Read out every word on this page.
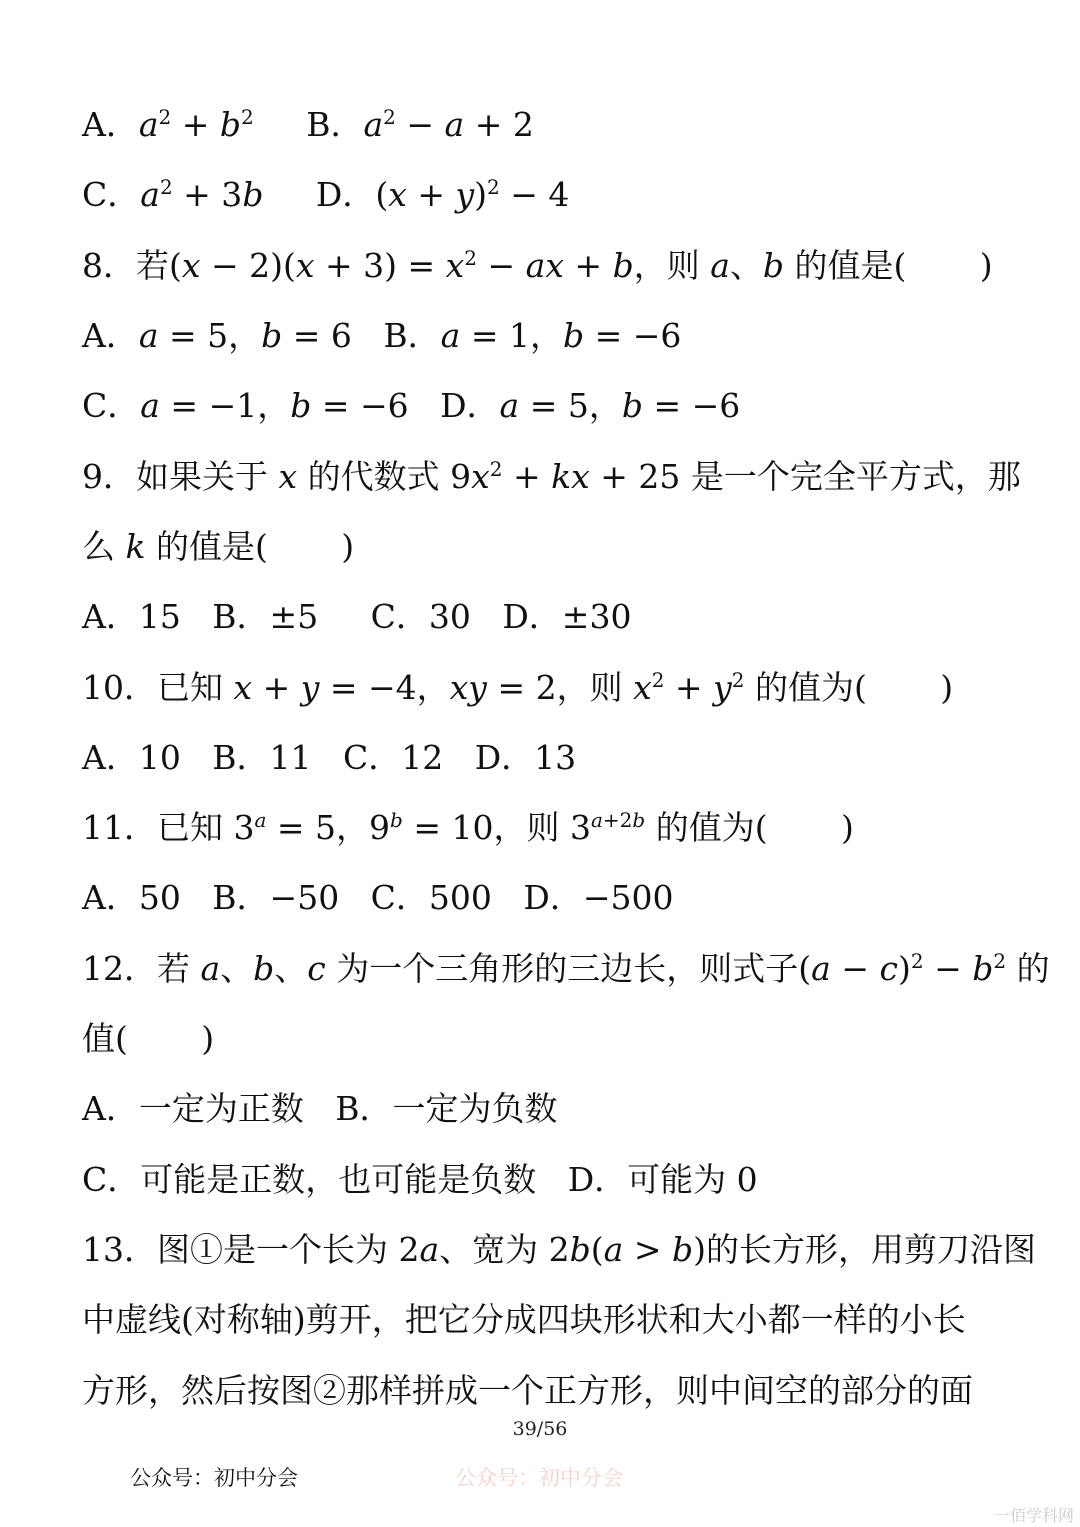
A．$a^2 + b^2$     B．$a^2 - a + 2$
C．$a^2 + 3b$     D．$(x + y)^2 - 4$
8．若$(x - 2)(x + 3) = x^2$ − ax + b，则 a、b 的值是(       )
A．a = 5，b = 6   B．a = 1，b = −6
C．a = −1，b = −6   D．a = 5，b = −6
9．如果关于 x 的代数式 $9x^2$ + kx + 25 是一个完全平方式，那
么 k 的值是(       )
A．15   B．±5     C．30   D．±30
10．已知 x + y = −4，xy = 2，则 $x^2 + y^2$ 的值为(       )
A．10   B．11   C．12   D．13
11．已知 $3^a = 5$，$9^b = 10$，则 $3^{a+2b}$ 的值为(       )
A．50   B．−50   C．500   D．−500
12．若 a、b、c 为一个三角形的三边长，则式子$(a - c)^2 - b^2$ 的
值(       )
A．一定为正数   B．一定为负数
C．可能是正数，也可能是负数   D．可能为 0
13．图①是一个长为 2a、宽为 2b(a > b)的长方形，用剪刀沿图
中虚线(对称轴)剪开，把它分成四块形状和大小都一样的小长
方形，然后按图②那样拼成一个正方形，则中间空的部分的面
39/56
公众号：初中分会	公众号：初中分会
一佰学科网
